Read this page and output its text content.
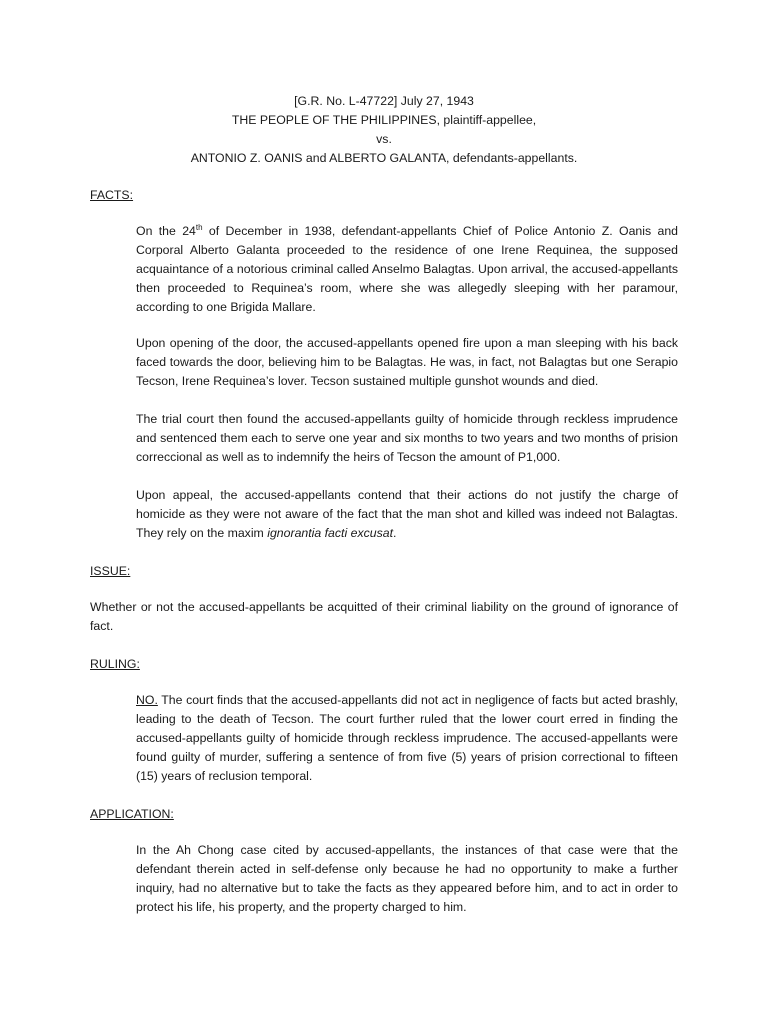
[G.R. No. L-47722] July 27, 1943
THE PEOPLE OF THE PHILIPPINES, plaintiff-appellee,
vs.
ANTONIO Z. OANIS and ALBERTO GALANTA, defendants-appellants.
FACTS:

On the 24th of December in 1938, defendant-appellants Chief of Police Antonio Z. Oanis and Corporal Alberto Galanta proceeded to the residence of one Irene Requinea, the supposed acquaintance of a notorious criminal called Anselmo Balagtas. Upon arrival, the accused-appellants then proceeded to Requinea’s room, where she was allegedly sleeping with her paramour, according to one Brigida Mallare.

Upon opening of the door, the accused-appellants opened fire upon a man sleeping with his back faced towards the door, believing him to be Balagtas. He was, in fact, not Balagtas but one Serapio Tecson, Irene Requinea’s lover. Tecson sustained multiple gunshot wounds and died.

The trial court then found the accused-appellants guilty of homicide through reckless imprudence and sentenced them each to serve one year and six months to two years and two months of prision correccional as well as to indemnify the heirs of Tecson the amount of P1,000.

Upon appeal, the accused-appellants contend that their actions do not justify the charge of homicide as they were not aware of the fact that the man shot and killed was indeed not Balagtas. They rely on the maxim ignorantia facti excusat.

ISSUE:

Whether or not the accused-appellants be acquitted of their criminal liability on the ground of ignorance of fact.

RULING:

NO. The court finds that the accused-appellants did not act in negligence of facts but acted brashly, leading to the death of Tecson. The court further ruled that the lower court erred in finding the accused-appellants guilty of homicide through reckless imprudence. The accused-appellants were found guilty of murder, suffering a sentence of from five (5) years of prision correctional to fifteen (15) years of reclusion temporal.

APPLICATION:

In the Ah Chong case cited by accused-appellants, the instances of that case were that the defendant therein acted in self-defense only because he had no opportunity to make a further inquiry, had no alternative but to take the facts as they appeared before him, and to act in order to protect his life, his property, and the property charged to him.
